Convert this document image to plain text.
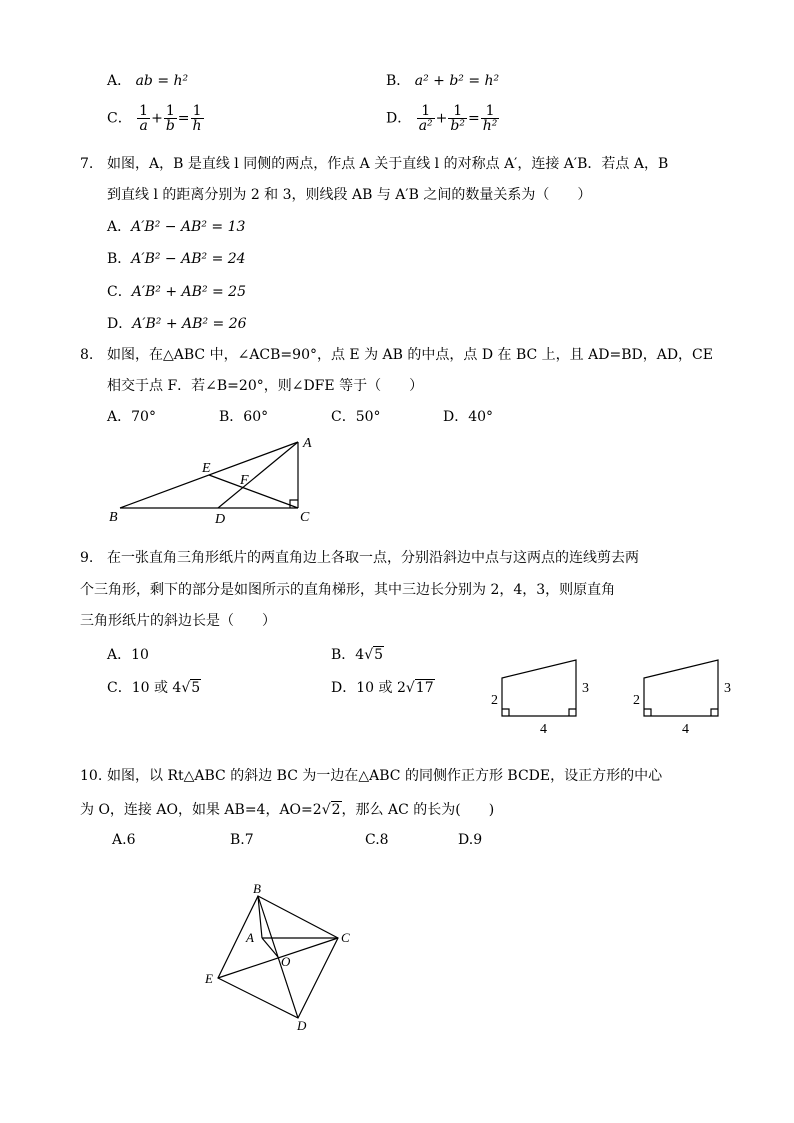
A． ab = h²	B． a² + b² = h²
C． $\frac{1}{a} + \frac{1}{b} = \frac{1}{h}$	D． $\frac{1}{\text{a²}} + \frac{1}{\text{b²}} = \frac{1}{\text{h²}}$
7. 如图，A，B 是直线 l 同侧的两点，作点 A 关于直线 l 的对称点 A′，连接 A′B．若点 A，B
到直线 l 的距离分别为 2 和 3，则线段 AB 与 A′B 之间的数量关系为（　　）
A．A′B² − AB² = 13
B．A′B² − AB² = 24
C．A′B² + AB² = 25
D．A′B² + AB² = 26
8. 如图，在△ABC 中，∠ACB=90°，点 E 为 AB 的中点，点 D 在 BC 上，且 AD=BD，AD，CE
相交于点 F．若∠B=20°，则∠DFE 等于（　　）
A．70°	B．60°	C．50°	D．40°
A
B	C
D
E
F
9. 在一张直角三角形纸片的两直角边上各取一点，分别沿斜边中点与这两点的连线剪去两
个三角形，剩下的部分是如图所示的直角梯形，其中三边长分别为 2，4，3，则原直角
三角形纸片的斜边长是（　　）
A．10	B．4√5
C．10 或 4√5	D．10 或 2√17
2
3
4
2
3
4
10. 如图，以 Rt△ABC 的斜边 BC 为一边在△ABC 的同侧作正方形 BCDE，设正方形的中心
为 O，连接 AO，如果 AB=4，AO=2√2，那么 AC 的长为(　　)
A.6	B.7	C.8	D.9
B
C
D
E
A
O
